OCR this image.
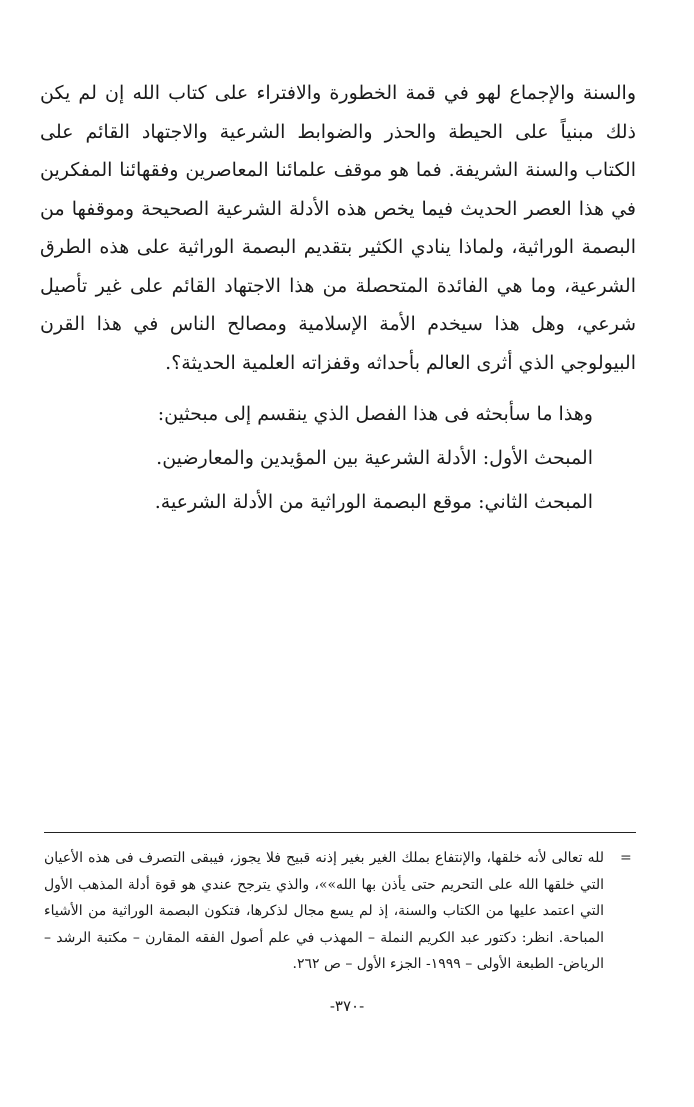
والسنة والإجماع لهو في قمة الخطورة والافتراء على كتاب الله إن لم يكن ذلك مبنياً على الحيطة والحذر والضوابط الشرعية والاجتهاد القائم على الكتاب والسنة الشريفة. فما هو موقف علمائنا المعاصرين وفقهائنا المفكرين في هذا العصر الحديث فيما يخص هذه الأدلة الشرعية الصحيحة وموقفها من البصمة الوراثية، ولماذا ينادي الكثير بتقديم البصمة الوراثية على هذه الطرق الشرعية، وما هي الفائدة المتحصلة من هذا الاجتهاد القائم على غير تأصيل شرعي، وهل هذا سيخدم الأمة الإسلامية ومصالح الناس في هذا القرن البيولوجي الذي أثرى العالم بأحداثه وقفزاته العلمية الحديثة؟.

وهذا ما سأبحثه فى هذا الفصل الذي ينقسم إلى مبحثين:

المبحث الأول: الأدلة الشرعية بين المؤيدين والمعارضين.

المبحث الثاني: موقع البصمة الوراثية من الأدلة الشرعية.

=

لله تعالى لأنه خلقها، والإنتفاع بملك الغير بغير إذنه قبيح فلا يجوز، فيبقى التصرف فى هذه الأعيان التي خلقها الله على التحريم حتى يأذن بها الله»»، والذي يترجح عندي هو قوة أدلة المذهب الأول التي اعتمد عليها من الكتاب والسنة، إذ لم يسع مجال لذكرها، فتكون البصمة الوراثية من الأشياء المباحة. انظر: دكتور عبد الكريم النملة – المهذب في علم أصول الفقه المقارن – مكتبة الرشد – الرياض- الطبعة الأولى – ١٩٩٩- الجزء الأول – ص ٢٦٢.

-٣٧٠-
